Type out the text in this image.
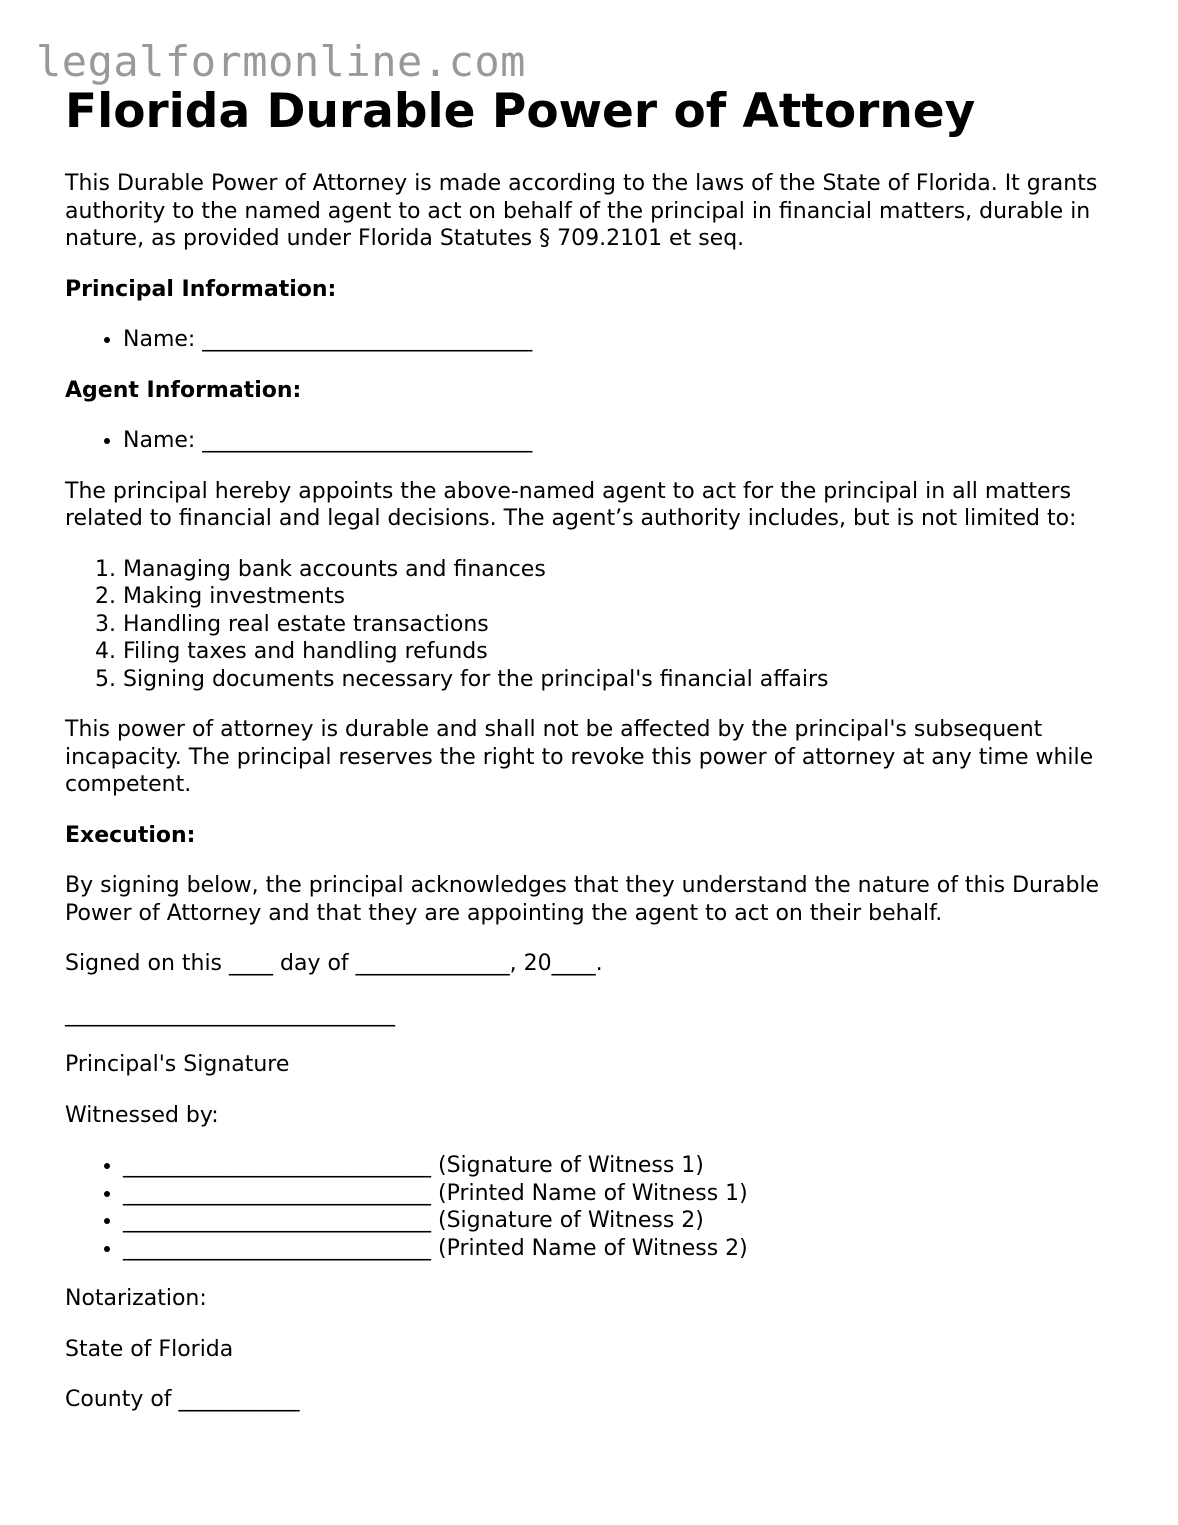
legalformonline.com
Florida Durable Power of Attorney

This Durable Power of Attorney is made according to the laws of the State of Florida. It grants authority to the named agent to act on behalf of the principal in financial matters, durable in nature, as provided under Florida Statutes § 709.2101 et seq.

Principal Information:
• Name: ______________________________
Agent Information:
• Name: ______________________________

The principal hereby appoints the above-named agent to act for the principal in all matters related to financial and legal decisions. The agent’s authority includes, but is not limited to:

1. Managing bank accounts and finances
2. Making investments
3. Handling real estate transactions
4. Filing taxes and handling refunds
5. Signing documents necessary for the principal's financial affairs

This power of attorney is durable and shall not be affected by the principal's subsequent incapacity. The principal reserves the right to revoke this power of attorney at any time while competent.

Execution:

By signing below, the principal acknowledges that they understand the nature of this Durable Power of Attorney and that they are appointing the agent to act on their behalf.

Signed on this ____ day of ______________, 20____.

______________________________

Principal's Signature

Witnessed by:

• ____________________________ (Signature of Witness 1)
• ____________________________ (Printed Name of Witness 1)
• ____________________________ (Signature of Witness 2)
• ____________________________ (Printed Name of Witness 2)

Notarization:

State of Florida

County of ___________
